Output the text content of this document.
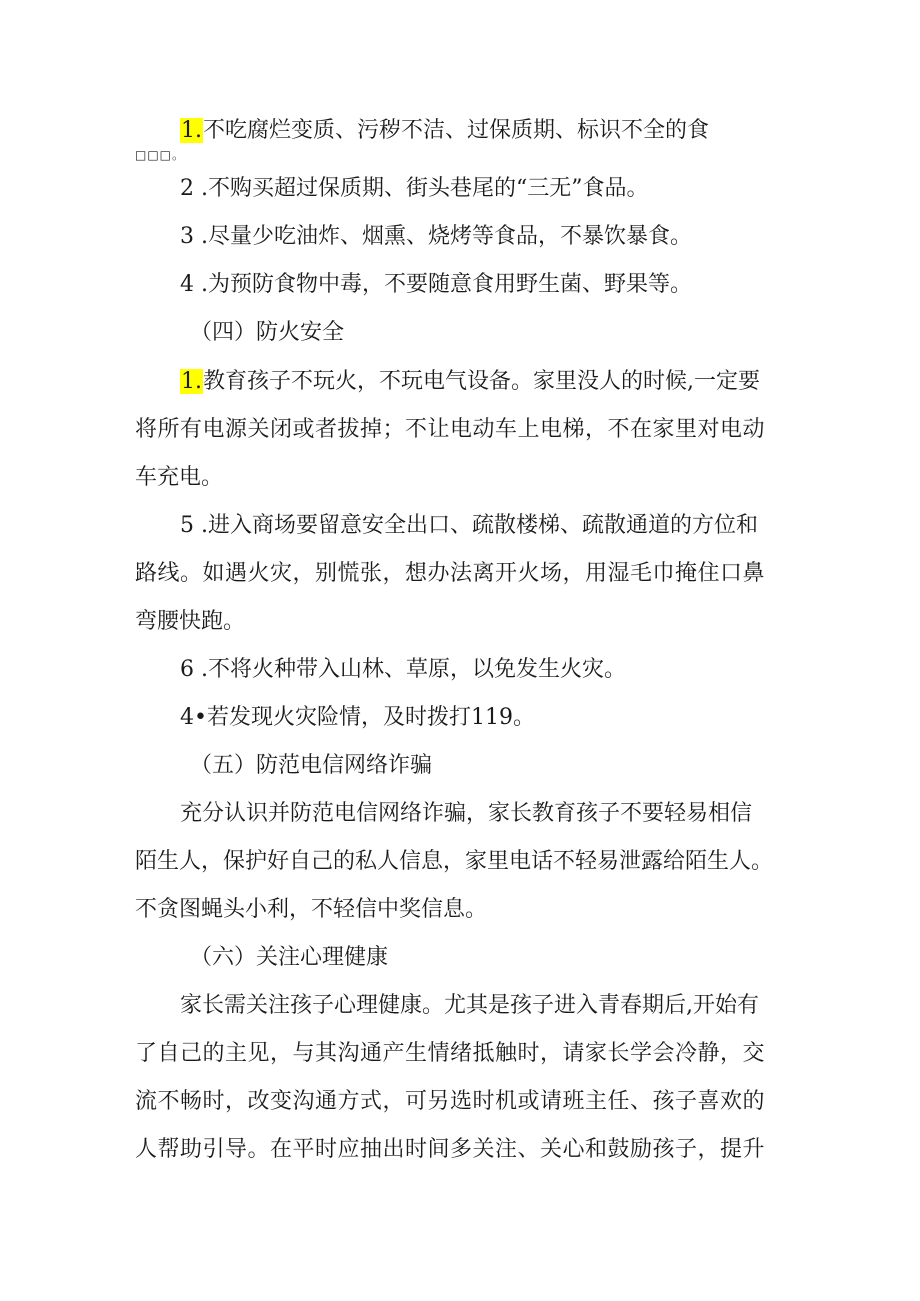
1.不吃腐烂变质、污秽不洁、过保质期、标识不全的食
□□□。
2 .不购买超过保质期、街头巷尾的“三无”食品。
3 .尽量少吃油炸、烟熏、烧烤等食品，不暴饮暴食。
4 .为预防食物中毒，不要随意食用野生菌、野果等。
（四）防火安全
1.教育孩子不玩火，不玩电气设备。家里没人的时候,一定要
将所有电源关闭或者拔掉；不让电动车上电梯，不在家里对电动
车充电。
5 .进入商场要留意安全出口、疏散楼梯、疏散通道的方位和
路线。如遇火灾，别慌张，想办法离开火场，用湿毛巾掩住口鼻
弯腰快跑。
6 .不将火种带入山林、草原，以免发生火灾。
4•若发现火灾险情，及时拨打119。
（五）防范电信网络诈骗
充分认识并防范电信网络诈骗，家长教育孩子不要轻易相信
陌生人，保护好自己的私人信息，家里电话不轻易泄露给陌生人。
不贪图蝇头小利，不轻信中奖信息。
（六）关注心理健康
家长需关注孩子心理健康。尤其是孩子进入青春期后,开始有
了自己的主见，与其沟通产生情绪抵触时，请家长学会冷静，交
流不畅时，改变沟通方式，可另选时机或请班主任、孩子喜欢的
人帮助引导。在平时应抽出时间多关注、关心和鼓励孩子，提升
